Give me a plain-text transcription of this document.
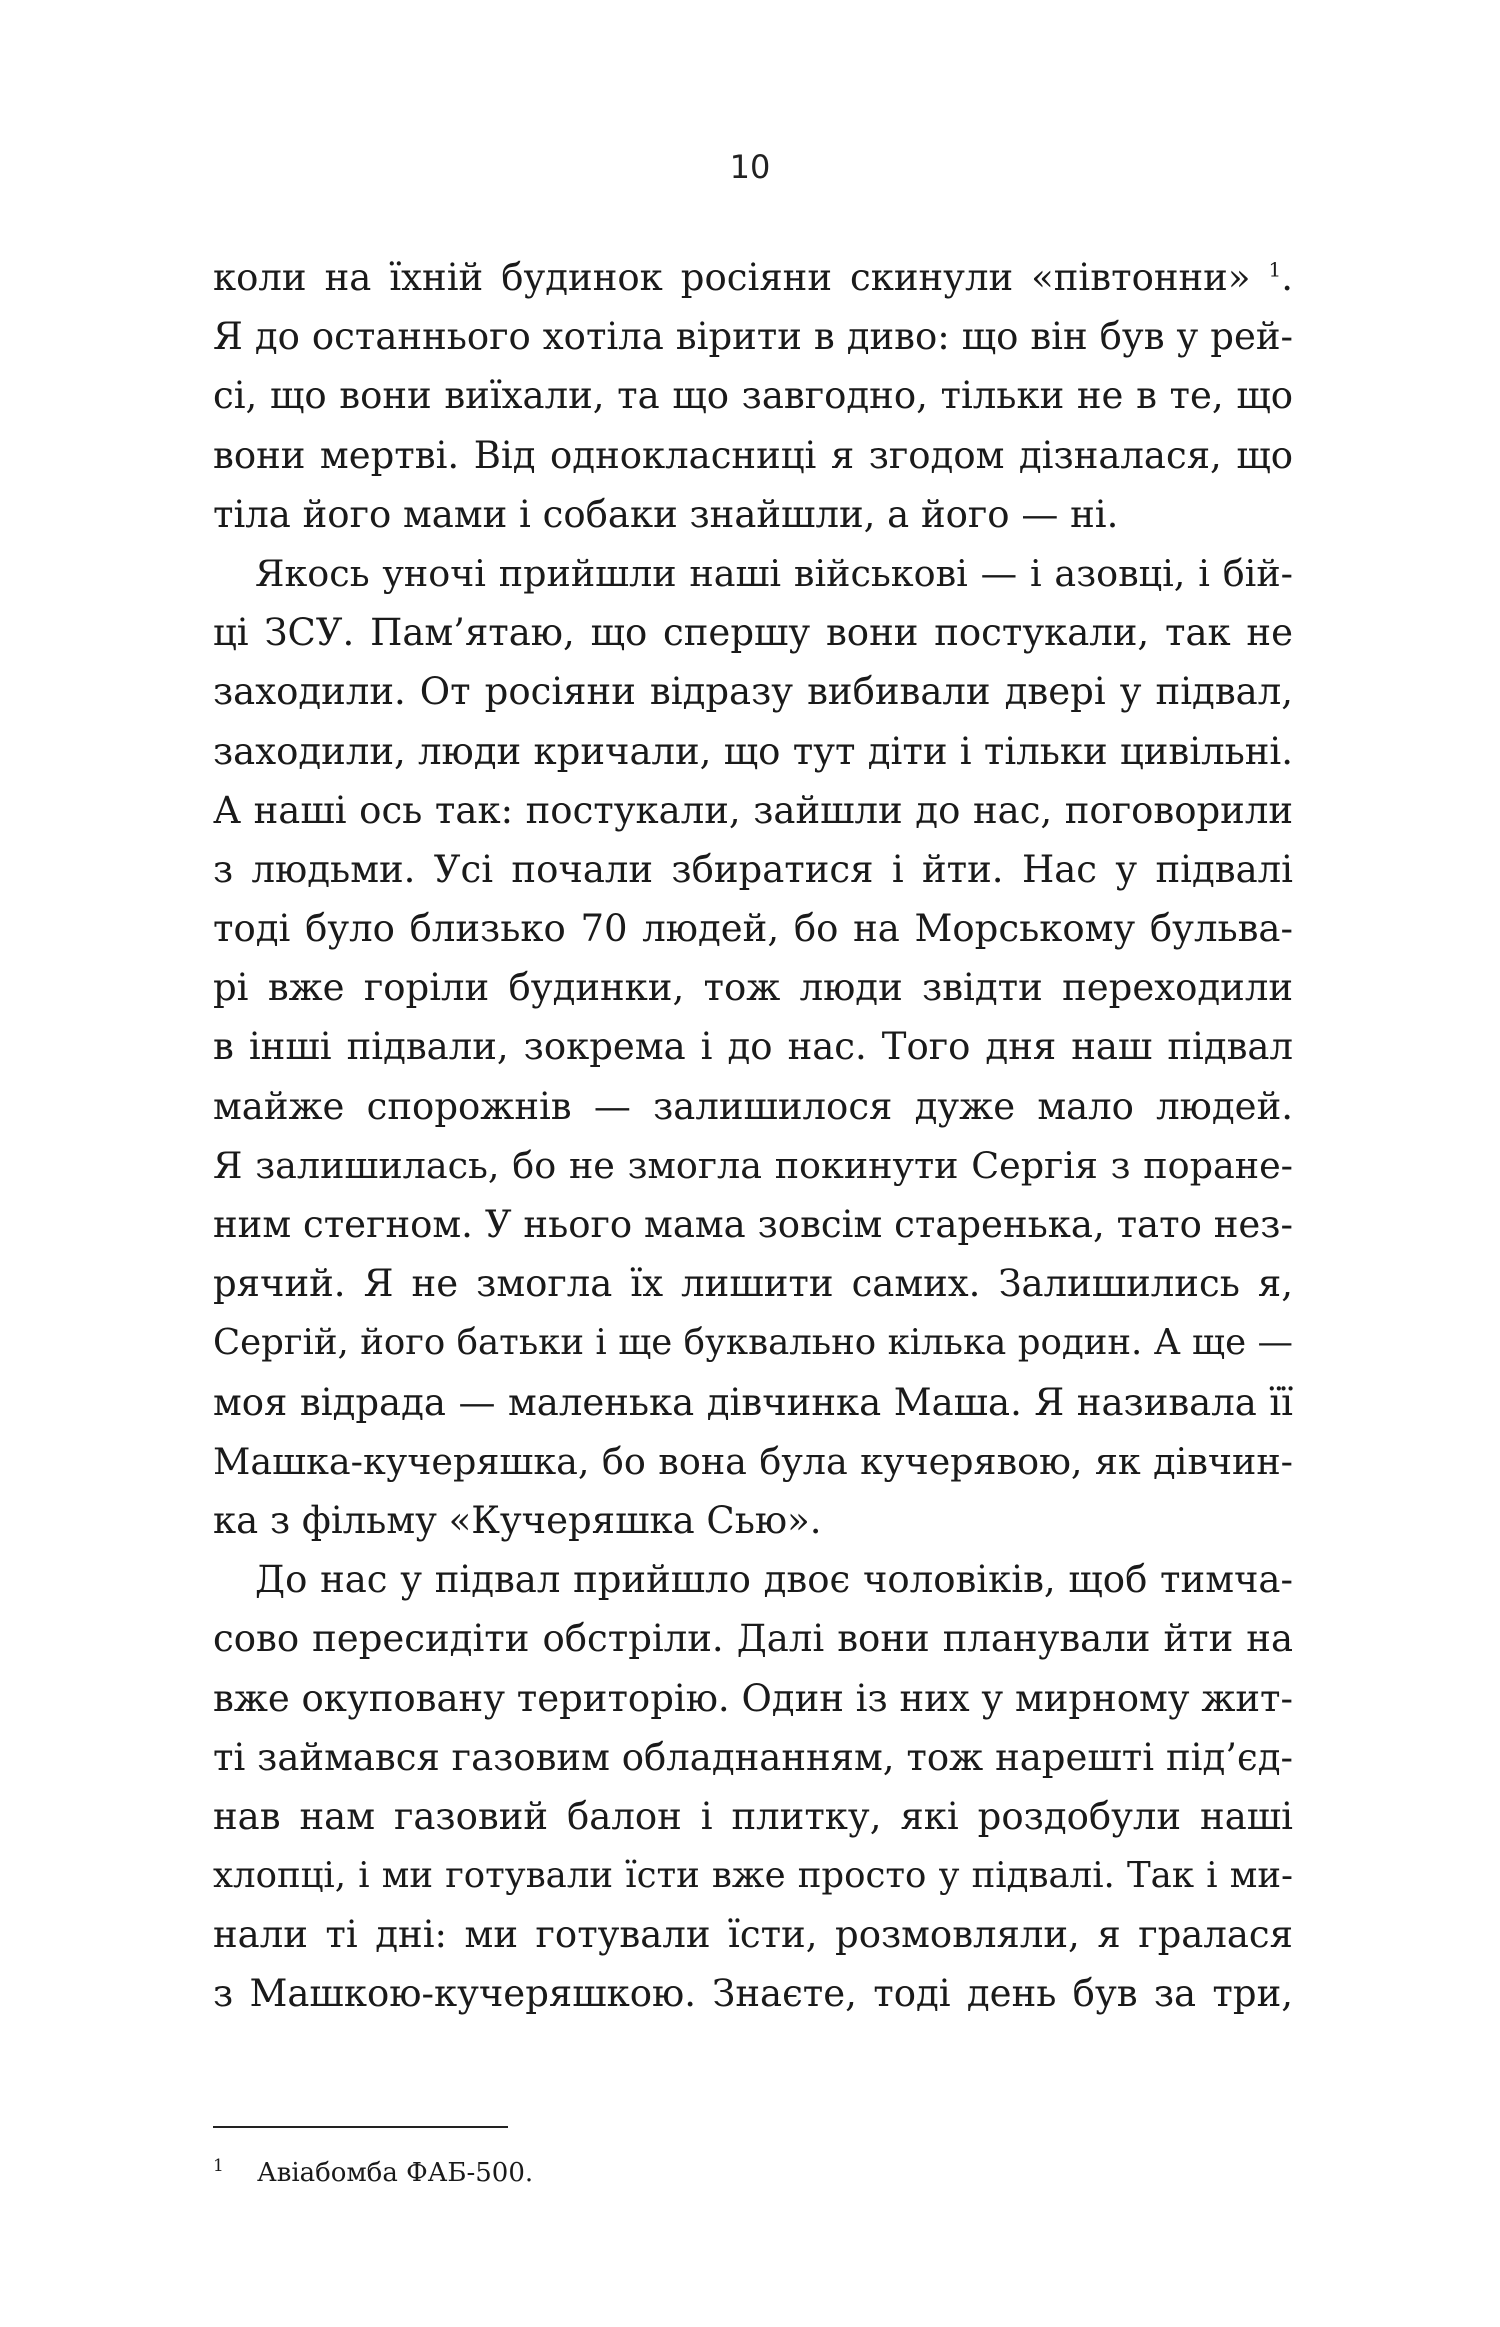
10
коли на їхній будинок росіяни скинули «півтонни» $^1$.
Я до останнього хотіла вірити в диво: що він був у рей-
сі, що вони виїхали, та що завгодно, тільки не в те, що
вони мертві. Від однокласниці я згодом дізналася, що
тіла його мами і собаки знайшли, а його — ні.
Якось уночі прийшли наші військові — і азовці, і бій-
ці ЗСУ. Пам’ятаю, що спершу вони постукали, так не
заходили. От росіяни відразу вибивали двері у підвал,
заходили, люди кричали, що тут діти і тільки цивільні.
А наші ось так: постукали, зайшли до нас, поговорили
з людьми. Усі почали збиратися і йти. Нас у підвалі
тоді було близько 70 людей, бо на Морському бульва-
рі вже горіли будинки, тож люди звідти переходили
в інші підвали, зокрема і до нас. Того дня наш підвал
майже спорожнів — залишилося дуже мало людей.
Я залишилась, бо не змогла покинути Сергія з поране-
ним стегном. У нього мама зовсім старенька, тато нез-
рячий. Я не змогла їх лишити самих. Залишились я,
Сергій, його батьки і ще буквально кілька родин. А ще —
моя відрада — маленька дівчинка Маша. Я називала її
Машка-кучеряшка, бо вона була кучерявою, як дівчин-
ка з фільму «Кучеряшка Сью».
До нас у підвал прийшло двоє чоловіків, щоб тимча-
сово пересидіти обстріли. Далі вони планували йти на
вже окуповану територію. Один із них у мирному жит-
ті займався газовим обладнанням, тож нарешті під’єд-
нав нам газовий балон і плитку, які роздобули наші
хлопці, і ми готували їсти вже просто у підвалі. Так і ми-
нали ті дні: ми готували їсти, розмовляли, я гралася
з Машкою-кучеряшкою. Знаєте, тоді день був за три,
1 Авіабомба ФАБ-500.
